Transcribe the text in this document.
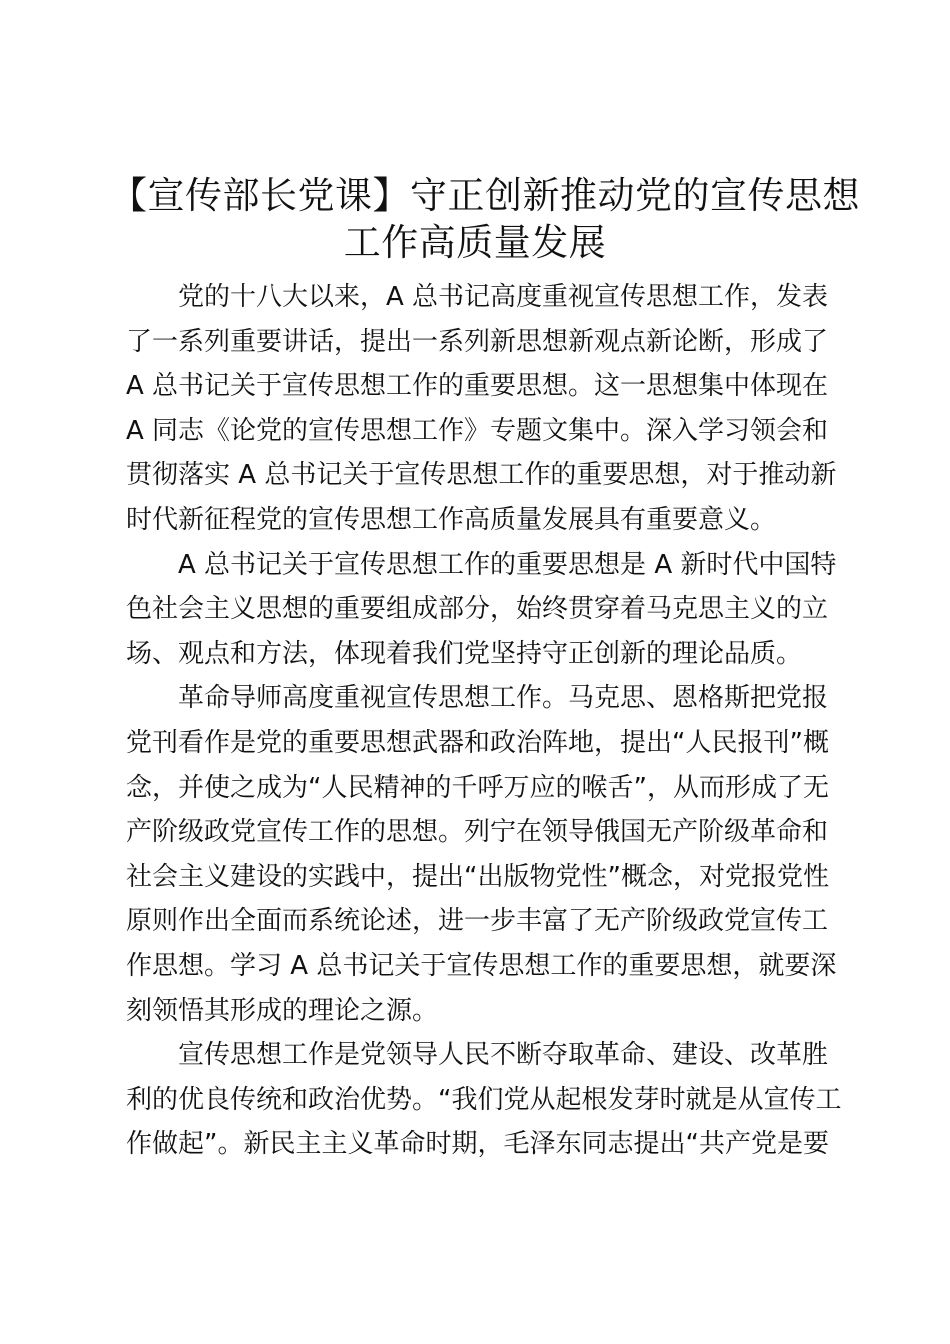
【宣传部长党课】守正创新推动党的宣传思想
工作高质量发展

党的十八大以来，A 总书记高度重视宣传思想工作，发表
了一系列重要讲话，提出一系列新思想新观点新论断，形成了
A 总书记关于宣传思想工作的重要思想。这一思想集中体现在
A 同志《论党的宣传思想工作》专题文集中。深入学习领会和
贯彻落实 A 总书记关于宣传思想工作的重要思想，对于推动新
时代新征程党的宣传思想工作高质量发展具有重要意义。

A 总书记关于宣传思想工作的重要思想是 A 新时代中国特
色社会主义思想的重要组成部分，始终贯穿着马克思主义的立
场、观点和方法，体现着我们党坚持守正创新的理论品质。

革命导师高度重视宣传思想工作。马克思、恩格斯把党报
党刊看作是党的重要思想武器和政治阵地，提出“人民报刊”概
念，并使之成为“人民精神的千呼万应的喉舌”，从而形成了无
产阶级政党宣传工作的思想。列宁在领导俄国无产阶级革命和
社会主义建设的实践中，提出“出版物党性”概念，对党报党性
原则作出全面而系统论述，进一步丰富了无产阶级政党宣传工
作思想。学习 A 总书记关于宣传思想工作的重要思想，就要深
刻领悟其形成的理论之源。

宣传思想工作是党领导人民不断夺取革命、建设、改革胜
利的优良传统和政治优势。“我们党从起根发芽时就是从宣传工
作做起”。新民主主义革命时期，毛泽东同志提出“共产党是要
